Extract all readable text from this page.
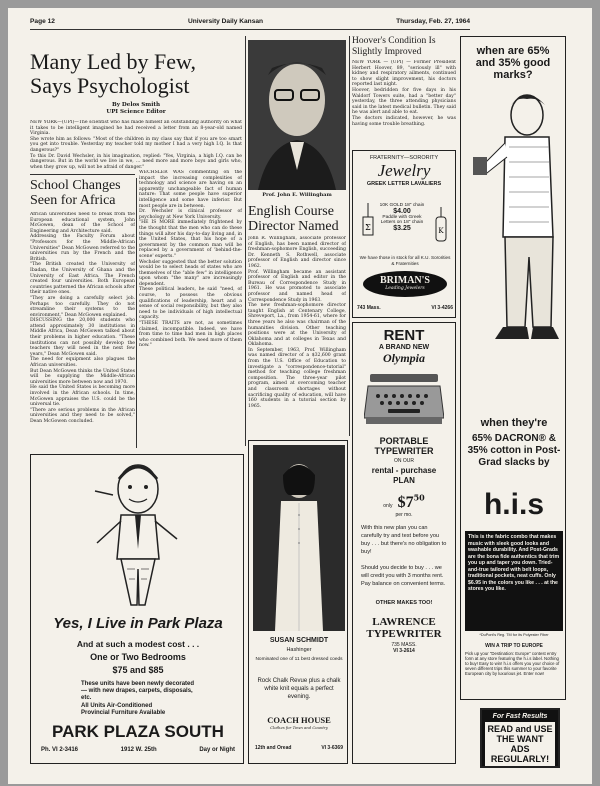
Page 12	University Daily Kansan	Thursday, Feb. 27, 1964
Many Led by Few, Says Psychologist
By Delos Smith
UPI Science Editor

NEW YORK—(UPI)—The scientist who has made himself an outstanding authority on what it takes to be intelligent imagined he had received a letter from an 8-year-old named Virginia.

She wrote him as follows: "Most of the children in my class say that if you are too smart you get into trouble. Yesterday my teacher told my mother I had a very high I.Q. Is that dangerous?"

To this Dr. David Wechsler, in his imagination, replied: "Yes, Virginia, a high I.Q. can be dangerous. But in the world we live in we, ... need more and more boys and girls who, when they grow up, will not be afraid of danger."

School Changes Seen for Africa

African universities need to break from the European educational system, John McGowen, dean of the School of Engineering and Architecture said.

Addressing the Faculty Forum about "Professors for the Middle-African Universities" Dean McGowen referred to the universities run by the French and the British.

"The British created the University of Ibadan, the University of Ghana and the University of East Africa. The French created four universities. Both European countries patterned the African schools after their native ones.

"They are doing a carefully select job. Perhaps too carefully. They do not streamline their systems to the environment," Dean McGowen explained.

DISCUSSING the 20,000 students who attend approximately 30 institutions in Middle Africa, Dean McGowen talked about their problems in higher education. "These institutions can not possibly develop the teachers they will need in the next few years," Dean McGowen said.

The need for equipment also plagues the African universities.

But Dean McGowen thinks the United States will be supplying the Middle-African universities more between now and 1970.

He said the United States is becoming more involved in the African schools. In time, McGowen appraises the U.S. could be the universal tie.

"There are serious problems in the African universities and they need to be solved," Dean McGowen concluded.

WECHSLER WAS commenting on the impact the increasing complexities of technology and science are having on an apparently unchangeable fact of human nature: That some people have superior intelligence and some have inferior. But most people are in between.

Dr. Wechsler is clinical professor of psychology at New York University.

"HE IS MORE immediately frightened by the thought that the men who can do these things will alter his day-to-day living and, in the United States, that his hope of a government by the common man will be replaced by a government of 'behind-the-scene' experts."

Wechsler suggested that the better solution would be to select heads of states who are themselves of the "able few" in intelligence upon whom "the many" are increasingly dependent.

These political leaders, he said "need, of course, to possess the obvious qualifications of leadership, heart and a sense of social responsibility, but they also need to be individuals of high intellectual capacity.

"THESE TRAITS are not, as sometimes claimed, incompatible. Indeed, we have from time to time had men in high places who combined both. We need more of them now."

Prof. John E. Willingham
English Course Director Named

John R. Willingham, associate professor of English, has been named director of freshman-sophomore English, succeeding Dr. Kenneth S. Rothwell, associate professor of English and director since 1962.

Prof. Willingham became an assistant professor of English and editor in the Bureau of Correspondence Study in 1961. He was promoted to associate professor and named head of Correspondence Study in 1963.

The new freshman-sophomore director taught English at Centenary College, Shreveport, La., from 1954-61, where for three years he also was chairman of the humanities division. Other teaching positions were at the University of Oklahoma and at colleges in Texas and Oklahoma.

In September, 1963, Prof. Willingham was named director of a $32,600 grant from the U.S. Office of Education to investigate a "correspondence-tutorial" method for teaching college freshman composition. The three-year pilot program, aimed at overcoming teacher and classroom shortages without sacrificing quality of education, will have 160 students in a tutorial section by 1965.

Hoover's Condition Is Slightly Improved

NEW YORK — (UPI) — Former President Herbert Hoover, 89, "seriously ill" with kidney and respiratory ailments, continued to show slight improvement, his doctors reported last night.

Hoover, bedridden for five days in his Waldorf Towers suite, had a "better day" yesterday, the three attending physicians said in the latest medical bulletin. They said he was alert and able to eat.

The doctors indicated, however, he was having some trouble breathing.

FRATERNITY—SORORITY
Jewelry
GREEK LETTER LAVALIERS
Σ
10K GOLD 18" chain
$4.00
Paddle with Greek Letters on 18" chain
$3.25	K
We have those in stock for all K.U. Sororities & Fraternities
BRIMAN'S
Leading Jewelers
743 Mass.	VI 3-4266
RENT
A BRAND NEW
Olympia
PORTABLE TYPEWRITER
ON OUR
rental - purchase PLAN
only $\$7^{50}$
per mo.
With this new plan you can carefully try and test before you buy . . . but there's no obligation to buy!
Should you decide to buy . . . we will credit you with 3 months rent. Pay balance on convenient terms.
OTHER MAKES TOO!
LAWRENCE TYPEWRITER
735 MASS.
VI 3-2614
when are 65% and 35% good marks?
when they're
65% DACRON® & 35% cotton in Post-Grad slacks by
h.i.s
This is the fabric combo that makes music with sleek good looks and washable durability. And Post-Grads are the bona fide authentics that trim you up and taper you down. Tried-and-true tailored with belt loops, traditional pockets, neat cuffs. Only $6.95 in the colors you like . . . at the stores you like.
*DuPont's Reg. TM for its Polyester Fiber
WIN A TRIP TO EUROPE
Pick up your "Destination: Europe" contest entry form at any store featuring the h.i.s label. Nothing to buy! Easy to win! h.i.s offers you your choice of seven different trips this summer to your favorite European city by luxurious jet. Enter now!
For Fast Results
READ and USE THE WANT ADS REGULARLY!
Yes, I Live in Park Plaza
And at such a modest cost . . .
One or Two Bedrooms
$75 and $85
These units have been newly decorated — with new drapes, carpets, disposals, etc.
All Units Air-Conditioned
Provincial Furniture Available
PARK PLAZA SOUTH
Ph. VI 2-3416	1912 W. 25th	Day or Night
SUSAN SCHMIDT
Hashinger
Nominated one of 11 best dressed coeds
Rock Chalk Revue plus a chalk white knit equals a perfect evening.
COACH HOUSE
Clothes for Town and Country
12th and Oread	VI 3-6369
